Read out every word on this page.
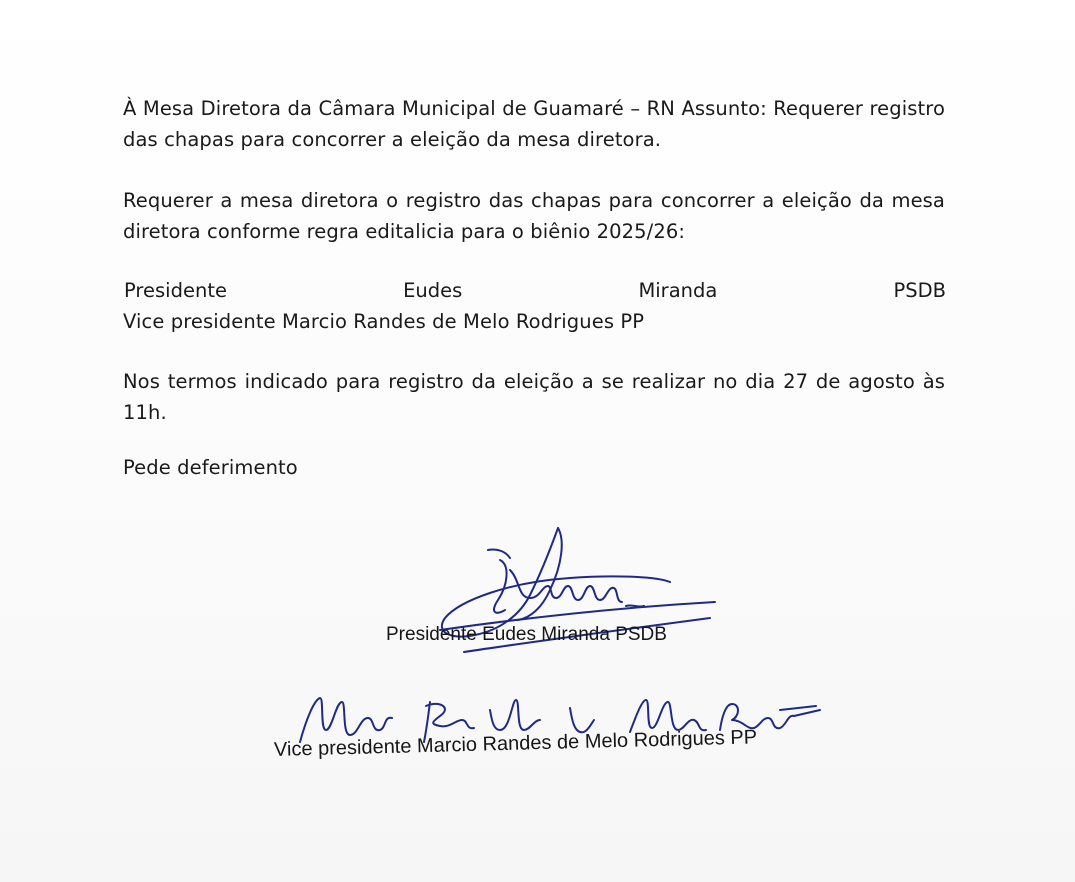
À Mesa Diretora da Câmara Municipal de Guamaré – RN Assunto: Requerer registro das chapas para concorrer a eleição da mesa diretora.
Requerer a mesa diretora o registro das chapas para concorrer a eleição da mesa diretora conforme regra editalicia para o biênio 2025/26:
Presidente	Eudes	Miranda	PSDB
Vice presidente Marcio Randes de Melo Rodrigues PP
Nos termos indicado para registro da eleição a se realizar no dia 27 de agosto às 11h.
Pede deferimento
Presidente Eudes Miranda PSDB
Vice presidente Marcio Randes de Melo Rodrigues PP
